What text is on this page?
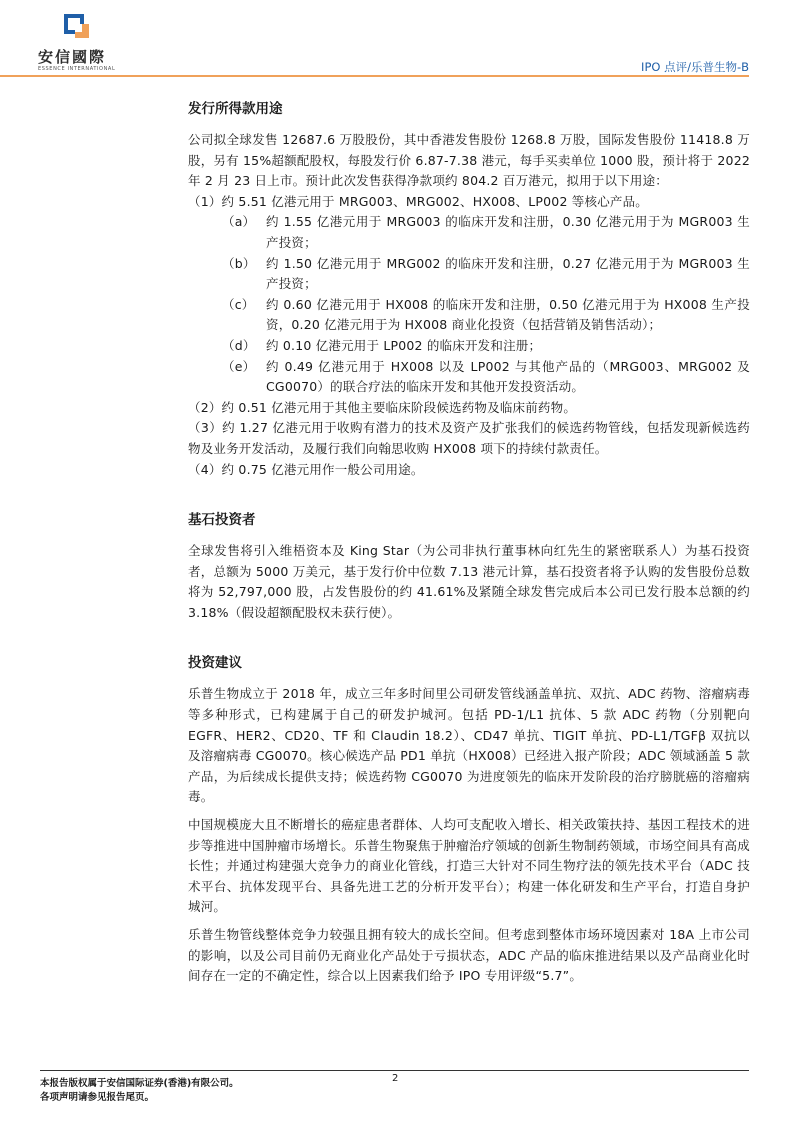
安信國際
ESSENCE INTERNATIONAL	IPO 点评/乐普生物-B
发行所得款用途

公司拟全球发售 12687.6 万股股份，其中香港发售股份 1268.8 万股，国际发售股份 11418.8 万股，另有 15%超额配股权，每股发行价 6.87-7.38 港元，每手买卖单位 1000 股，预计将于 2022 年 2 月 23 日上市。预计此次发售获得净款项约 804.2 百万港元，拟用于以下用途：

（1）约 5.51 亿港元用于 MRG003、MRG002、HX008、LP002 等核心产品。

（a） 约 1.55 亿港元用于 MRG003 的临床开发和注册，0.30 亿港元用于为 MGR003 生产投资；
（b） 约 1.50 亿港元用于 MRG002 的临床开发和注册，0.27 亿港元用于为 MGR003 生产投资；
（c） 约 0.60 亿港元用于 HX008 的临床开发和注册，0.50 亿港元用于为 HX008 生产投资，0.20 亿港元用于为 HX008 商业化投资（包括营销及销售活动）；
（d） 约 0.10 亿港元用于 LP002 的临床开发和注册；
（e） 约 0.49 亿港元用于 HX008 以及 LP002 与其他产品的（MRG003、MRG002 及 CG0070）的联合疗法的临床开发和其他开发投资活动。

（2）约 0.51 亿港元用于其他主要临床阶段候选药物及临床前药物。

（3）约 1.27 亿港元用于收购有潜力的技术及资产及扩张我们的候选药物管线，包括发现新候选药物及业务开发活动，及履行我们向翰思收购 HX008 项下的持续付款责任。

（4）约 0.75 亿港元用作一般公司用途。

基石投资者

全球发售将引入维梧资本及 King Star（为公司非执行董事林向红先生的紧密联系人）为基石投资者，总额为 5000 万美元，基于发行价中位数 7.13 港元计算，基石投资者将予认购的发售股份总数将为 52,797,000 股，占发售股份的约 41.61%及紧随全球发售完成后本公司已发行股本总额的约 3.18%（假设超额配股权未获行使）。

投资建议

乐普生物成立于 2018 年，成立三年多时间里公司研发管线涵盖单抗、双抗、ADC 药物、溶瘤病毒等多种形式，已构建属于自己的研发护城河。包括 PD-1/L1 抗体、5 款 ADC 药物（分别靶向 EGFR、HER2、CD20、TF 和 Claudin 18.2）、CD47 单抗、TIGIT 单抗、PD-L1/TGFβ 双抗以及溶瘤病毒 CG0070。核心候选产品 PD1 单抗（HX008）已经进入报产阶段；ADC 领域涵盖 5 款产品，为后续成长提供支持；候选药物 CG0070 为进度领先的临床开发阶段的治疗膀胱癌的溶瘤病毒。

中国规模庞大且不断增长的癌症患者群体、人均可支配收入增长、相关政策扶持、基因工程技术的进步等推进中国肿瘤市场增长。乐普生物聚焦于肿瘤治疗领域的创新生物制药领域，市场空间具有高成长性；并通过构建强大竞争力的商业化管线，打造三大针对不同生物疗法的领先技术平台（ADC 技术平台、抗体发现平台、具备先进工艺的分析开发平台）；构建一体化研发和生产平台，打造自身护城河。

乐普生物管线整体竞争力较强且拥有较大的成长空间。但考虑到整体市场环境因素对 18A 上市公司的影响，以及公司目前仍无商业化产品处于亏损状态，ADC 产品的临床推进结果以及产品商业化时间存在一定的不确定性，综合以上因素我们给予 IPO 专用评级“5.7”。

2
本报告版权属于安信国际证券(香港)有限公司。
各项声明请参见报告尾页。
